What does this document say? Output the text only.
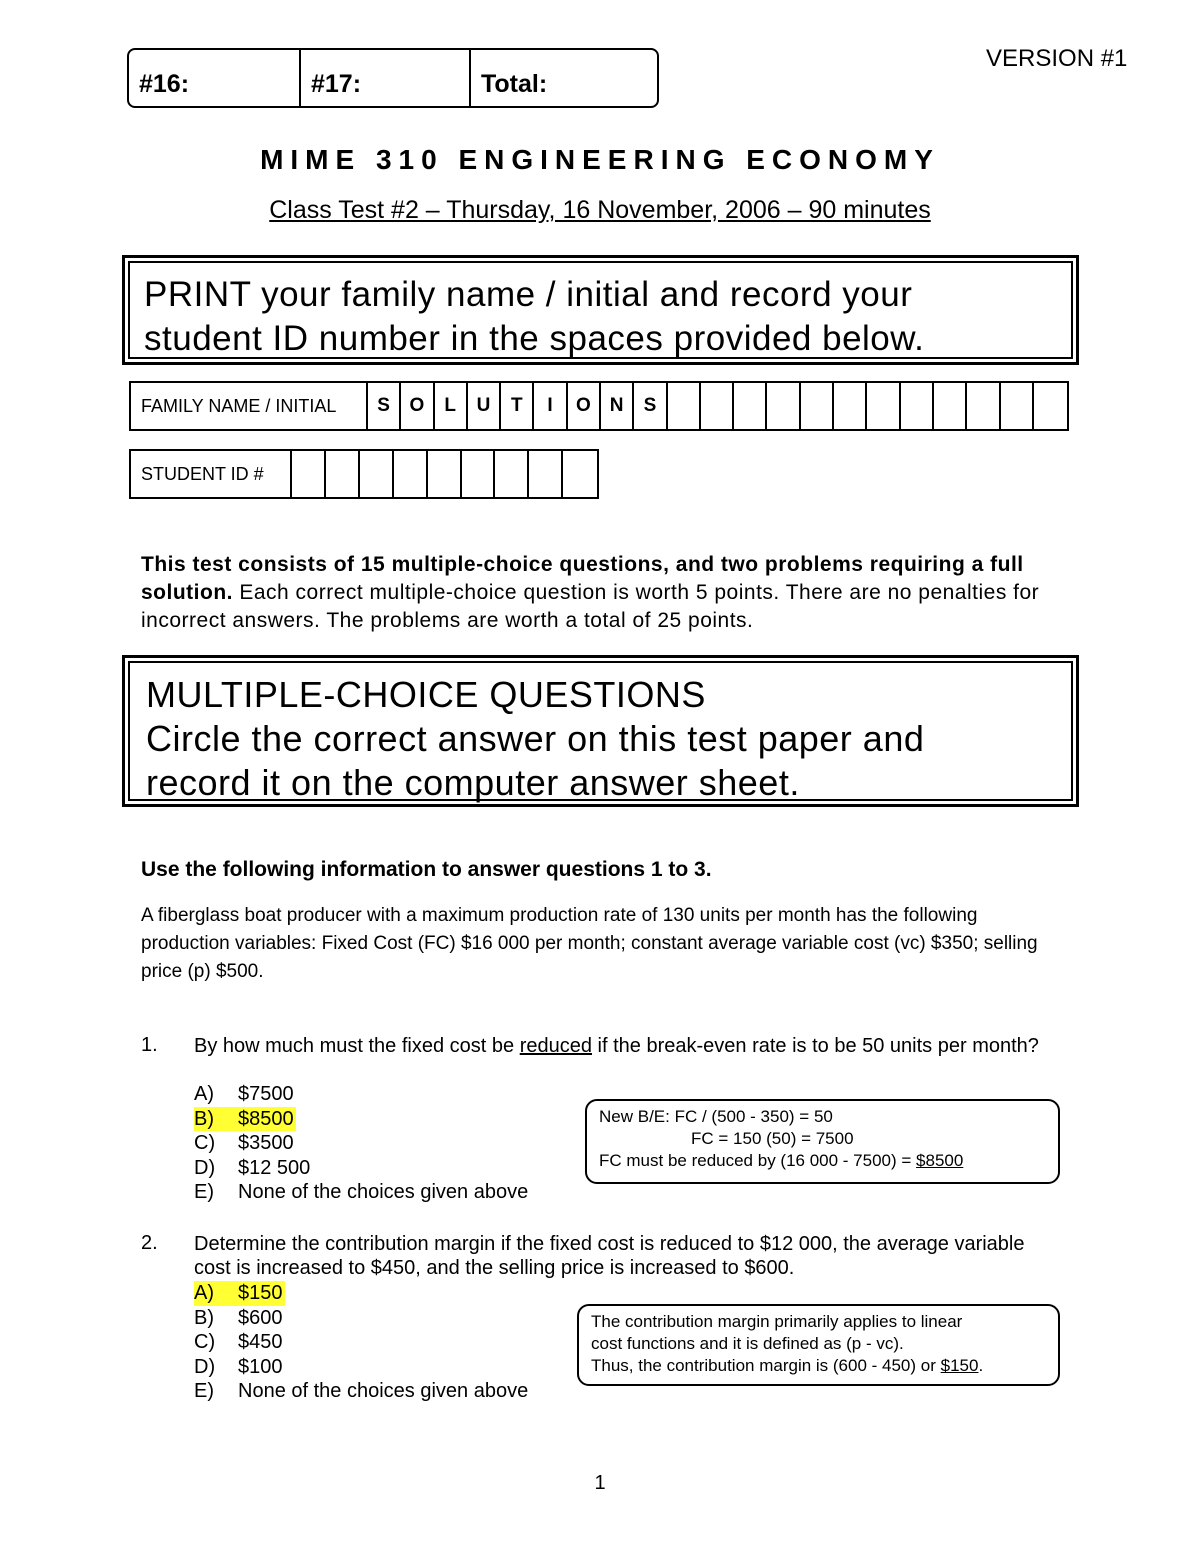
#16:	#17:	Total:
VERSION #1
MIME 310 ENGINEERING ECONOMY
Class Test #2 – Thursday, 16 November, 2006 – 90 minutes
PRINT your family name / initial and record your
student ID number in the spaces provided below.
FAMILY NAME / INITIAL	S	O	L	U	T	I	O	N	S
STUDENT ID #
This test consists of 15 multiple-choice questions, and two problems requiring a full solution. Each correct multiple-choice question is worth 5 points. There are no penalties for incorrect answers. The problems are worth a total of 25 points.
MULTIPLE-CHOICE QUESTIONS
Circle the correct answer on this test paper and
record it on the computer answer sheet.
Use the following information to answer questions 1 to 3.
A fiberglass boat producer with a maximum production rate of 130 units per month has the following production variables: Fixed Cost (FC) $16 000 per month; constant average variable cost (vc) $350; selling price (p) $500.
1. By how much must the fixed cost be reduced if the break-even rate is to be 50 units per month?
A)	$7500
B)	$8500
C)	$3500
D)	$12 500
E)	None of the choices given above
New B/E: FC / (500 - 350) = 50
FC = 150 (50) = 7500
FC must be reduced by (16 000 - 7500) = $8500
2. Determine the contribution margin if the fixed cost is reduced to $12 000, the average variable cost is increased to $450, and the selling price is increased to $600.
A)	$150
B)	$600
C)	$450
D)	$100
E)	None of the choices given above
The contribution margin primarily applies to linear
cost functions and it is defined as (p - vc).
Thus, the contribution margin is (600 - 450) or $150.
1
